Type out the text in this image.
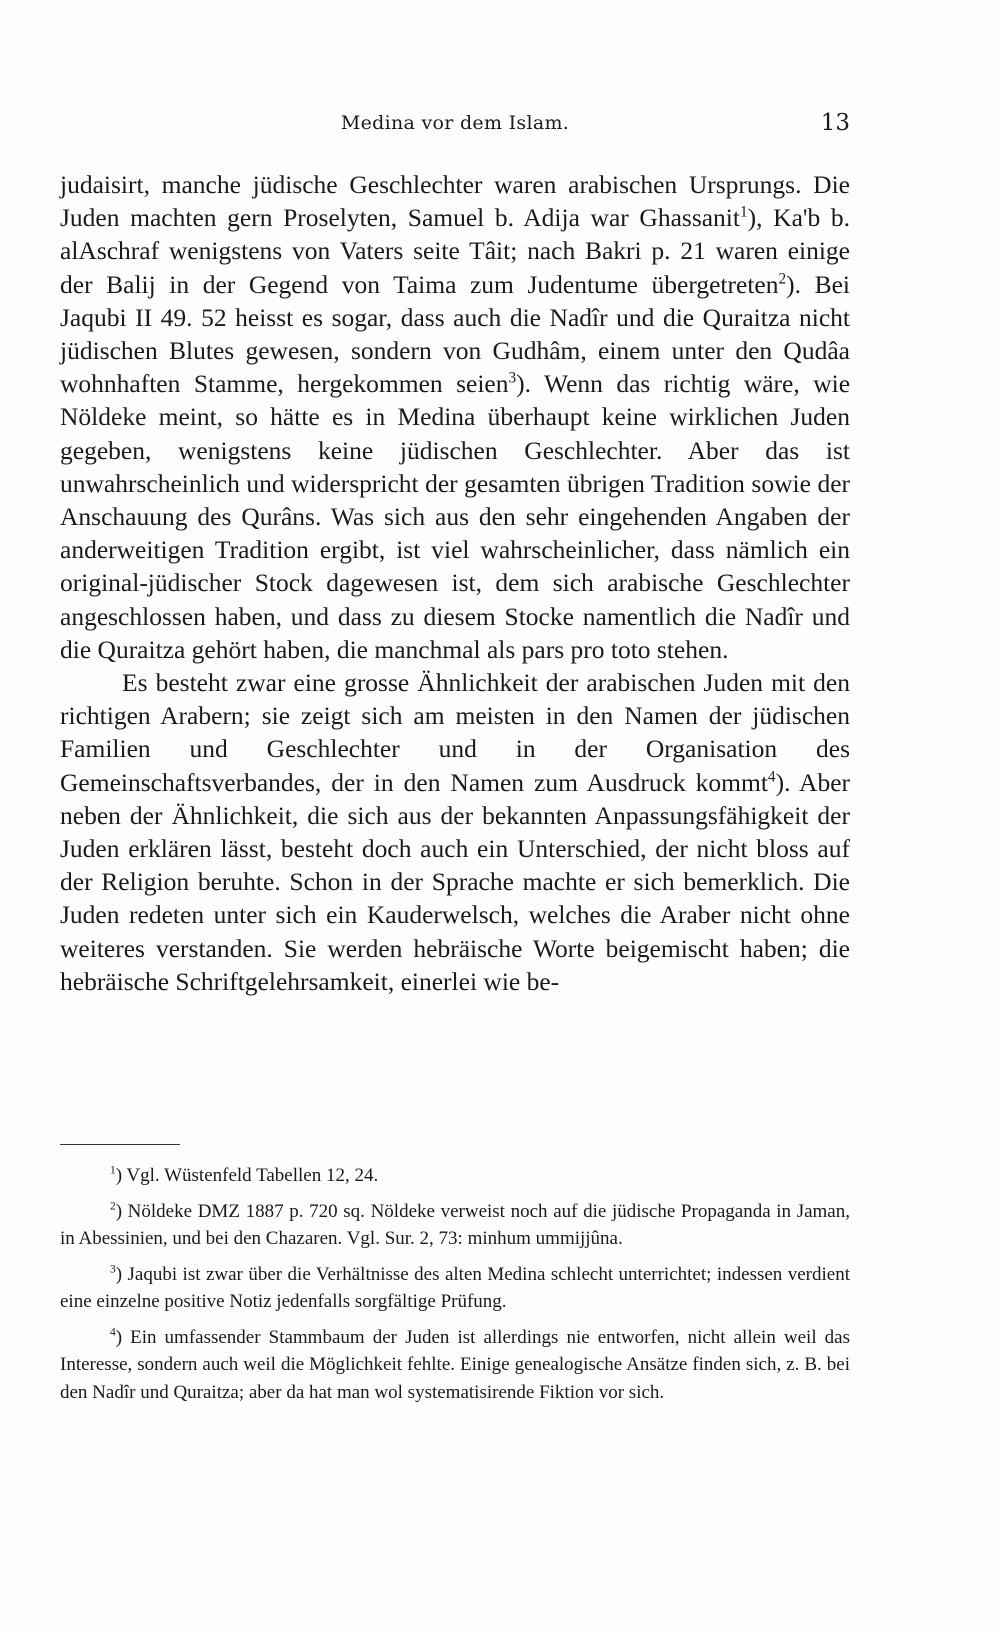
Medina vor dem Islam.	13

judaisirt, manche jüdische Geschlechter waren arabischen Ursprungs. Die Juden machten gern Proselyten, Samuel b. Adija war Ghassanit$^1$), Ka'b b. alAschraf wenigstens von Vaters seite Tâit; nach Bakri p. 21 waren einige der Balij in der Gegend von Taima zum Judentume übergetreten$^2$). Bei Jaqubi II 49. 52 heisst es sogar, dass auch die Nadîr und die Quraitza nicht jüdischen Blutes gewesen, sondern von Gudhâm, einem unter den Qudâa wohnhaften Stamme, hergekommen seien$^3$). Wenn das richtig wäre, wie Nöldeke meint, so hätte es in Medina überhaupt keine wirklichen Juden gegeben, wenigstens keine jüdischen Geschlechter. Aber das ist unwahrscheinlich und widerspricht der gesamten übrigen Tradition sowie der Anschauung des Qurâns. Was sich aus den sehr eingehenden Angaben der anderweitigen Tradition ergibt, ist viel wahrscheinlicher, dass nämlich ein original-jüdischer Stock dagewesen ist, dem sich arabische Geschlechter angeschlossen haben, und dass zu diesem Stocke namentlich die Nadîr und die Quraitza gehört haben, die manchmal als pars pro toto stehen.

Es besteht zwar eine grosse Ähnlichkeit der arabischen Juden mit den richtigen Arabern; sie zeigt sich am meisten in den Namen der jüdischen Familien und Geschlechter und in der Organisation des Gemeinschaftsverbandes, der in den Namen zum Ausdruck kommt$^4$). Aber neben der Ähnlichkeit, die sich aus der bekannten Anpassungsfähigkeit der Juden erklären lässt, besteht doch auch ein Unterschied, der nicht bloss auf der Religion beruhte. Schon in der Sprache machte er sich bemerklich. Die Juden redeten unter sich ein Kauderwelsch, welches die Araber nicht ohne weiteres verstanden. Sie werden hebräische Worte beigemischt haben; die hebräische Schriftgelehrsamkeit, einerlei wie be-

$^1$) Vgl. Wüstenfeld Tabellen 12, 24.

$^2$) Nöldeke DMZ 1887 p. 720 sq. Nöldeke verweist noch auf die jüdische Propaganda in Jaman, in Abessinien, und bei den Chazaren. Vgl. Sur. 2, 73: minhum ummijjûna.

$^3$) Jaqubi ist zwar über die Verhältnisse des alten Medina schlecht unterrichtet; indessen verdient eine einzelne positive Notiz jedenfalls sorgfältige Prüfung.

$^4$) Ein umfassender Stammbaum der Juden ist allerdings nie entworfen, nicht allein weil das Interesse, sondern auch weil die Möglichkeit fehlte. Einige genealogische Ansätze finden sich, z. B. bei den Nadîr und Quraitza; aber da hat man wol systematisirende Fiktion vor sich.
